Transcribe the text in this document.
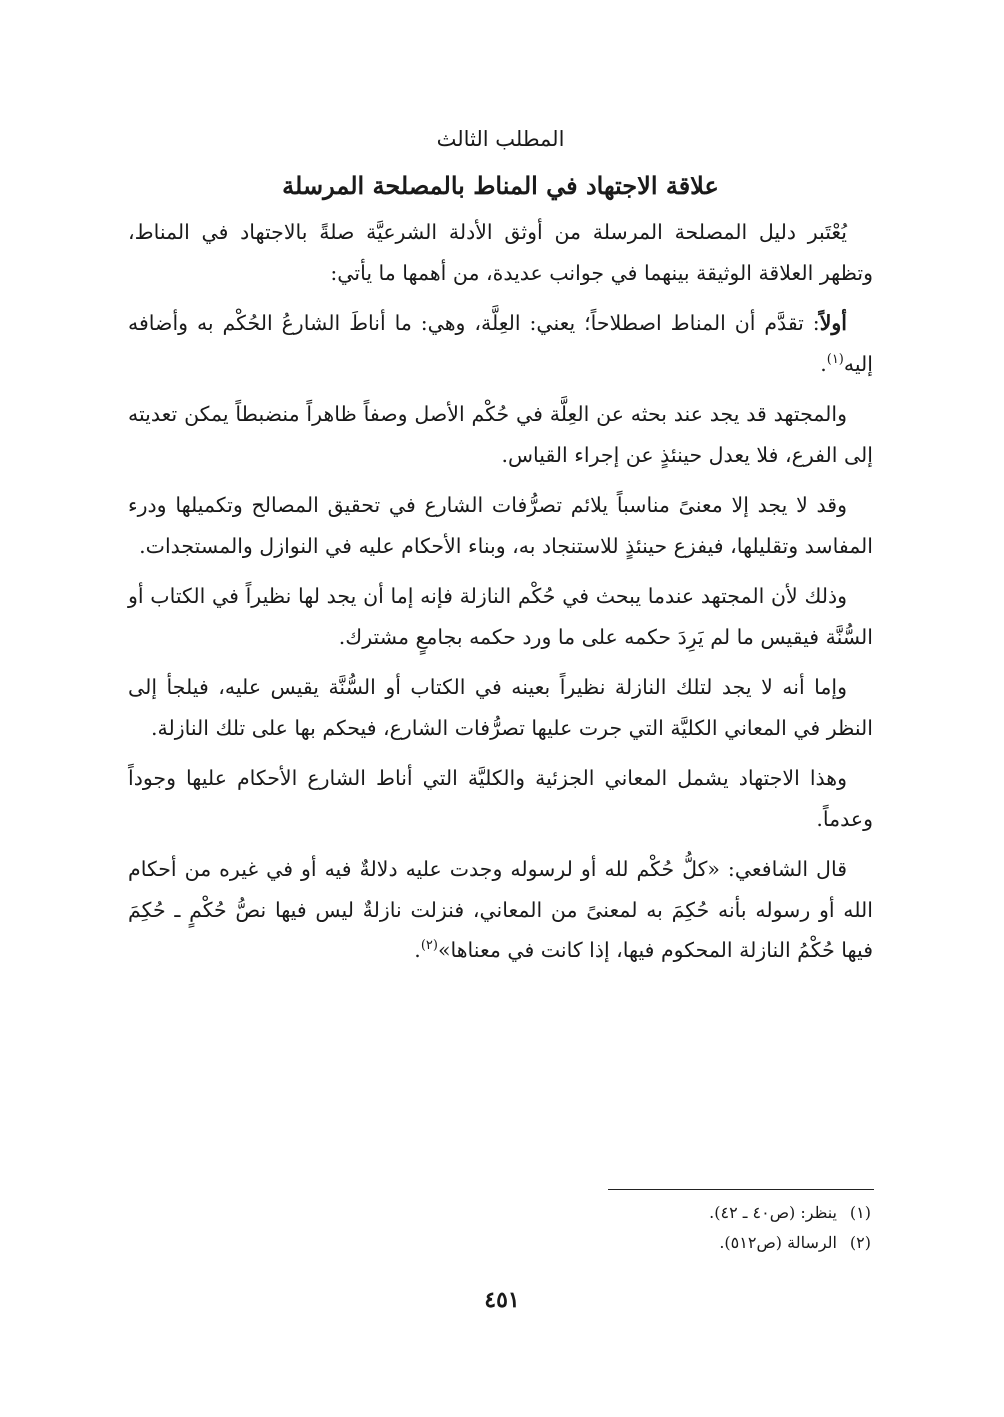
المطلب الثالث

علاقة الاجتهاد في المناط بالمصلحة المرسلة

يُعْتَبر دليل المصلحة المرسلة من أوثق الأدلة الشرعيَّة صلةً بالاجتهاد في المناط، وتظهر العلاقة الوثيقة بينهما في جوانب عديدة، من أهمها ما يأتي:

أولاً: تقدَّم أن المناط اصطلاحاً؛ يعني: العِلَّة، وهي: ما أناطَ الشارعُ الحُكْم به وأضافه إليه$^{(١)}$.

والمجتهد قد يجد عند بحثه عن العِلَّة في حُكْم الأصل وصفاً ظاهراً منضبطاً يمكن تعديته إلى الفرع، فلا يعدل حينئذٍ عن إجراء القياس.

وقد لا يجد إلا معنىً مناسباً يلائم تصرُّفات الشارع في تحقيق المصالح وتكميلها ودرء المفاسد وتقليلها، فيفزع حينئذٍ للاستنجاد به، وبناء الأحكام عليه في النوازل والمستجدات.

وذلك لأن المجتهد عندما يبحث في حُكْم النازلة فإنه إما أن يجد لها نظيراً في الكتاب أو السُّنَّة فيقيس ما لم يَرِدَ حكمه على ما ورد حكمه بجامعٍ مشترك.

وإما أنه لا يجد لتلك النازلة نظيراً بعينه في الكتاب أو السُّنَّة يقيس عليه، فيلجأ إلى النظر في المعاني الكليَّة التي جرت عليها تصرُّفات الشارع، فيحكم بها على تلك النازلة.

وهذا الاجتهاد يشمل المعاني الجزئية والكليَّة التي أناط الشارع الأحكام عليها وجوداً وعدماً.

قال الشافعي: «كلُّ حُكْم لله أو لرسوله وجدت عليه دلالةٌ فيه أو في غيره من أحكام الله أو رسوله بأنه حُكِمَ به لمعنىً من المعاني، فنزلت نازلةٌ ليس فيها نصُّ حُكْمٍ ـ حُكِمَ فيها حُكْمُ النازلة المحكوم فيها، إذا كانت في معناها»$^{(٢)}$.

(١)ينظر: (ص٤٠ ـ ٤٢).

(٢)الرسالة (ص٥١٢).

٤٥١
